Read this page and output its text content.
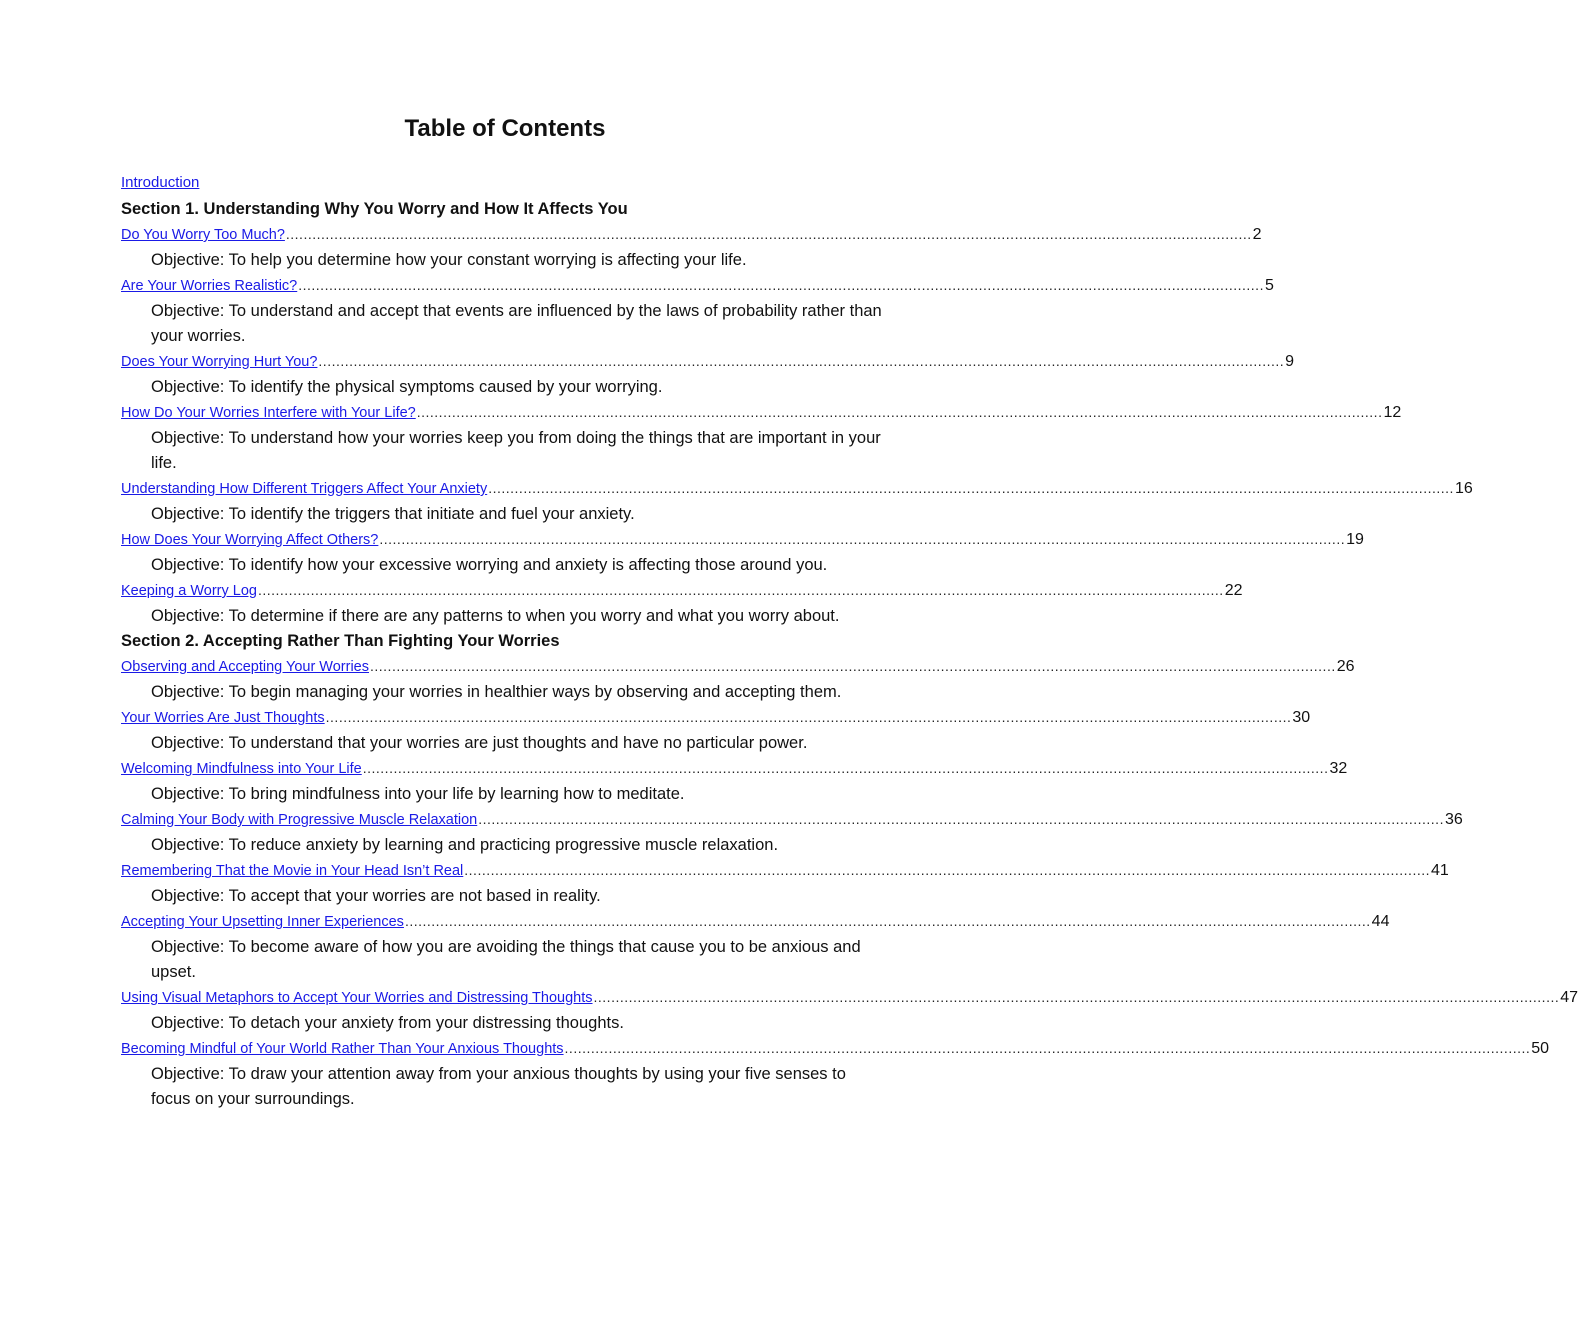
Table of Contents
Introduction
Section 1. Understanding Why You Worry and How It Affects You
Do You Worry Too Much? ............................................................................................................................................................................................................................ 2
Objective: To help you determine how your constant worrying is affecting your life.
Are Your Worries Realistic? ............................................................................................................................................................................................................................ 5
Objective: To understand and accept that events are influenced by the laws of probability rather than your worries.
Does Your Worrying Hurt You? ............................................................................................................................................................................................................................ 9
Objective: To identify the physical symptoms caused by your worrying.
How Do Your Worries Interfere with Your Life? ............................................................................................................................................................................................................................ 12
Objective: To understand how your worries keep you from doing the things that are important in your life.
Understanding How Different Triggers Affect Your Anxiety ............................................................................................................................................................................................................................ 16
Objective: To identify the triggers that initiate and fuel your anxiety.
How Does Your Worrying Affect Others? ............................................................................................................................................................................................................................ 19
Objective: To identify how your excessive worrying and anxiety is affecting those around you.
Keeping a Worry Log ............................................................................................................................................................................................................................ 22
Objective: To determine if there are any patterns to when you worry and what you worry about.
Section 2. Accepting Rather Than Fighting Your Worries
Observing and Accepting Your Worries ............................................................................................................................................................................................................................ 26
Objective: To begin managing your worries in healthier ways by observing and accepting them.
Your Worries Are Just Thoughts ............................................................................................................................................................................................................................ 30
Objective: To understand that your worries are just thoughts and have no particular power.
Welcoming Mindfulness into Your Life ............................................................................................................................................................................................................................ 32
Objective: To bring mindfulness into your life by learning how to meditate.
Calming Your Body with Progressive Muscle Relaxation ............................................................................................................................................................................................................................ 36
Objective: To reduce anxiety by learning and practicing progressive muscle relaxation.
Remembering That the Movie in Your Head Isn’t Real ............................................................................................................................................................................................................................ 41
Objective: To accept that your worries are not based in reality.
Accepting Your Upsetting Inner Experiences ............................................................................................................................................................................................................................ 44
Objective: To become aware of how you are avoiding the things that cause you to be anxious and upset.
Using Visual Metaphors to Accept Your Worries and Distressing Thoughts ............................................................................................................................................................................................................................ 47
Objective: To detach your anxiety from your distressing thoughts.
Becoming Mindful of Your World Rather Than Your Anxious Thoughts ............................................................................................................................................................................................................................ 50
Objective: To draw your attention away from your anxious thoughts by using your five senses to focus on your surroundings.
